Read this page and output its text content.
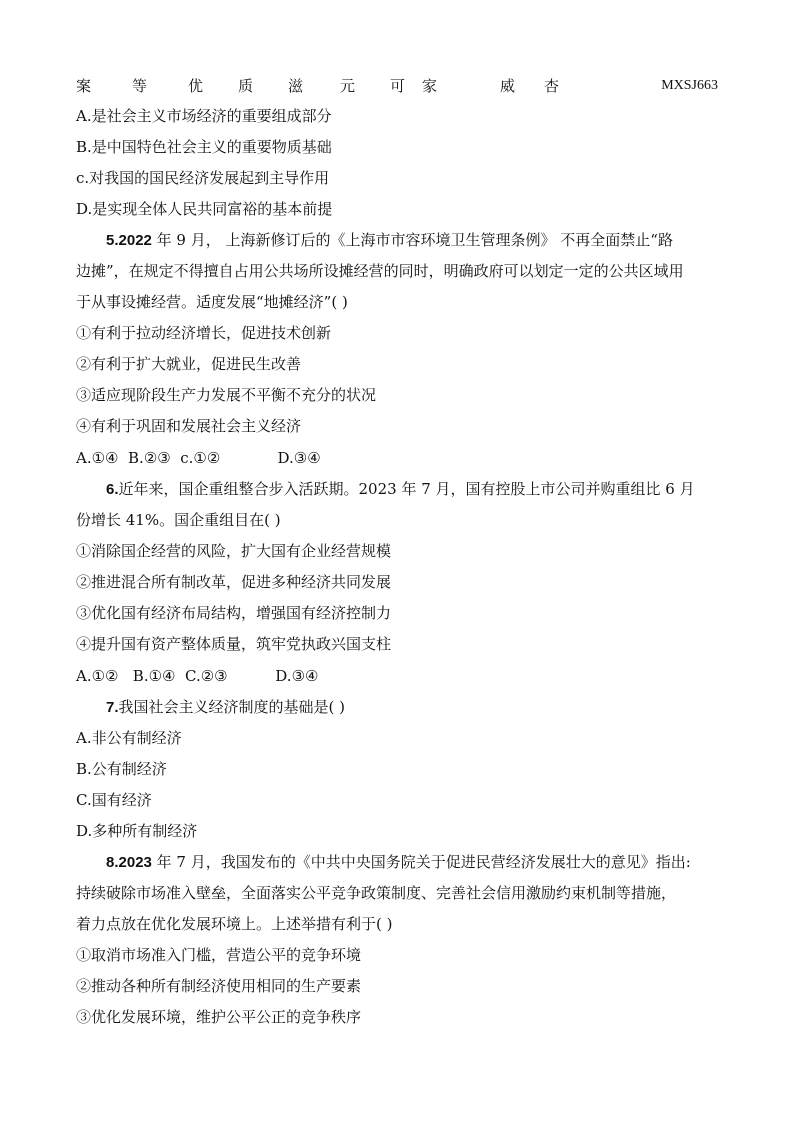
案	等	优 质 滋 元 可 家	威 杏	MXSJ663
A.是社会主义市场经济的重要组成部分
B.是中国特色社会主义的重要物质基础
c.对我国的国民经济发展起到主导作用
D.是实现全体人民共同富裕的基本前提
5.2022 年 9 月， 上海新修订后的《上海市市容环境卫生管理条例》 不再全面禁止“路
边摊”，在规定不得擅自占用公共场所设摊经营的同时，明确政府可以划定一定的公共区域用
于从事设摊经营。适度发展“地摊经济”( )
①有利于拉动经济增长，促进技术创新
②有利于扩大就业，促进民生改善
③适应现阶段生产力发展不平衡不充分的状况
④有利于巩固和发展社会主义经济
A.①④  B.②③  c.①②            D.③④
6.近年来，国企重组整合步入活跃期。2023 年 7 月，国有控股上市公司并购重组比 6 月
份增长 41%。国企重组目在( )
①消除国企经营的风险，扩大国有企业经营规模
②推进混合所有制改革，促进多种经济共同发展
③优化国有经济布局结构，增强国有经济控制力
④提升国有资产整体质量，筑牢党执政兴国支柱
A.①②   B.①④  C.②③          D.③④
7.我国社会主义经济制度的基础是( )
A.非公有制经济
B.公有制经济
C.国有经济
D.多种所有制经济
8.2023 年 7 月，我国发布的《中共中央国务院关于促进民营经济发展壮大的意见》指出:
持续破除市场准入壁垒，全面落实公平竞争政策制度、完善社会信用激励约束机制等措施，
着力点放在优化发展环境上。上述举措有利于( )
①取消市场准入门槛，营造公平的竞争环境
②推动各种所有制经济使用相同的生产要素
③优化发展环境，维护公平公正的竞争秩序
